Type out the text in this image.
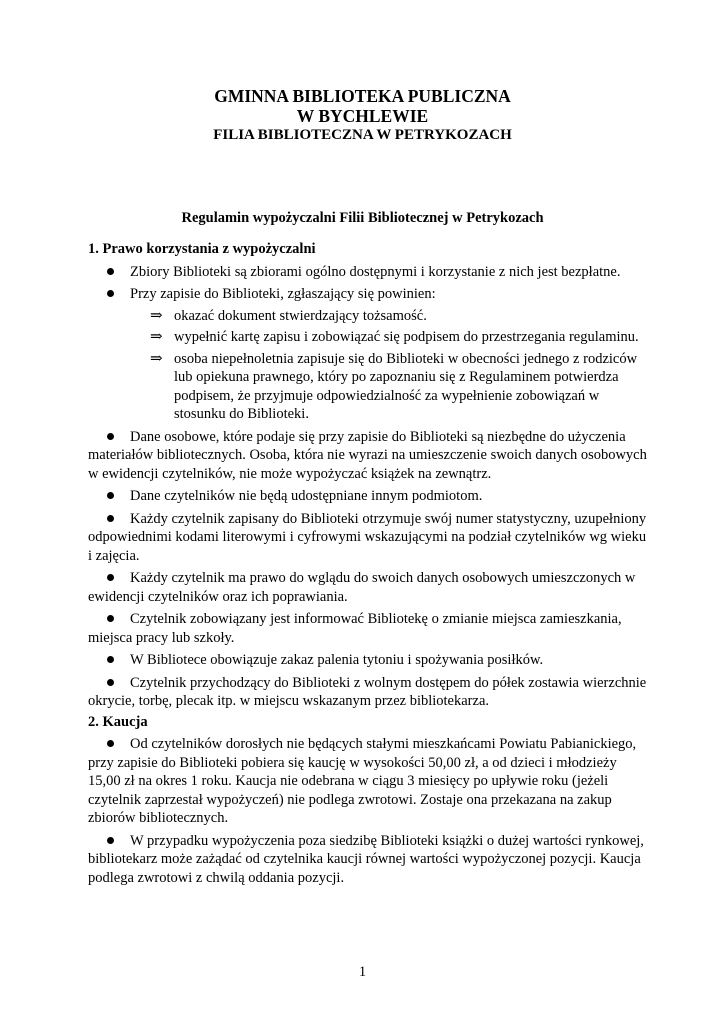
GMINNA BIBLIOTEKA PUBLICZNA

W BYCHLEWIE

FILIA BIBLIOTECZNA W PETRYKOZACH

Regulamin wypożyczalni Filii Bibliotecznej w Petrykozach

1. Prawo korzystania z wypożyczalni

Zbiory Biblioteki są zbiorami ogólno dostępnymi i korzystanie z nich jest bezpłatne.

Przy zapisie do Biblioteki, zgłaszający się powinien:

⇒ okazać dokument stwierdzający tożsamość.

⇒ wypełnić kartę zapisu i zobowiązać się podpisem do przestrzegania regulaminu.

⇒ osoba niepełnoletnia zapisuje się do Biblioteki w obecności jednego z rodziców lub opiekuna prawnego, który po zapoznaniu się z Regulaminem potwierdza podpisem, że przyjmuje odpowiedzialność za wypełnienie zobowiązań w stosunku do Biblioteki.

Dane osobowe, które podaje się przy zapisie do Biblioteki są niezbędne do użyczenia materiałów bibliotecznych. Osoba, która nie wyrazi na umieszczenie swoich danych osobowych w ewidencji czytelników, nie może wypożyczać książek na zewnątrz.

Dane czytelników nie będą udostępniane innym podmiotom.

Każdy czytelnik zapisany do Biblioteki otrzymuje swój numer statystyczny, uzupełniony odpowiednimi kodami literowymi i cyfrowymi wskazującymi na podział czytelników wg wieku i zajęcia.

Każdy czytelnik ma prawo do wglądu do swoich danych osobowych umieszczonych w ewidencji czytelników oraz ich poprawiania.

Czytelnik zobowiązany jest informować Bibliotekę o zmianie miejsca zamieszkania, miejsca pracy lub szkoły.

W Bibliotece obowiązuje zakaz palenia tytoniu i spożywania posiłków.

Czytelnik przychodzący do Biblioteki z wolnym dostępem do półek zostawia wierzchnie okrycie, torbę, plecak itp. w miejscu wskazanym przez bibliotekarza.

2. Kaucja

Od czytelników dorosłych nie będących stałymi mieszkańcami Powiatu Pabianickiego, przy zapisie do Biblioteki pobiera się kaucję w wysokości 50,00 zł, a od dzieci i młodzieży 15,00 zł na okres 1 roku. Kaucja nie odebrana w ciągu 3 miesięcy po upływie roku (jeżeli czytelnik zaprzestał wypożyczeń) nie podlega zwrotowi. Zostaje ona przekazana na zakup zbiorów bibliotecznych.

W przypadku wypożyczenia poza siedzibę Biblioteki książki o dużej wartości rynkowej, bibliotekarz może zażądać od czytelnika kaucji równej wartości wypożyczonej pozycji. Kaucja podlega zwrotowi z chwilą oddania pozycji.

1
